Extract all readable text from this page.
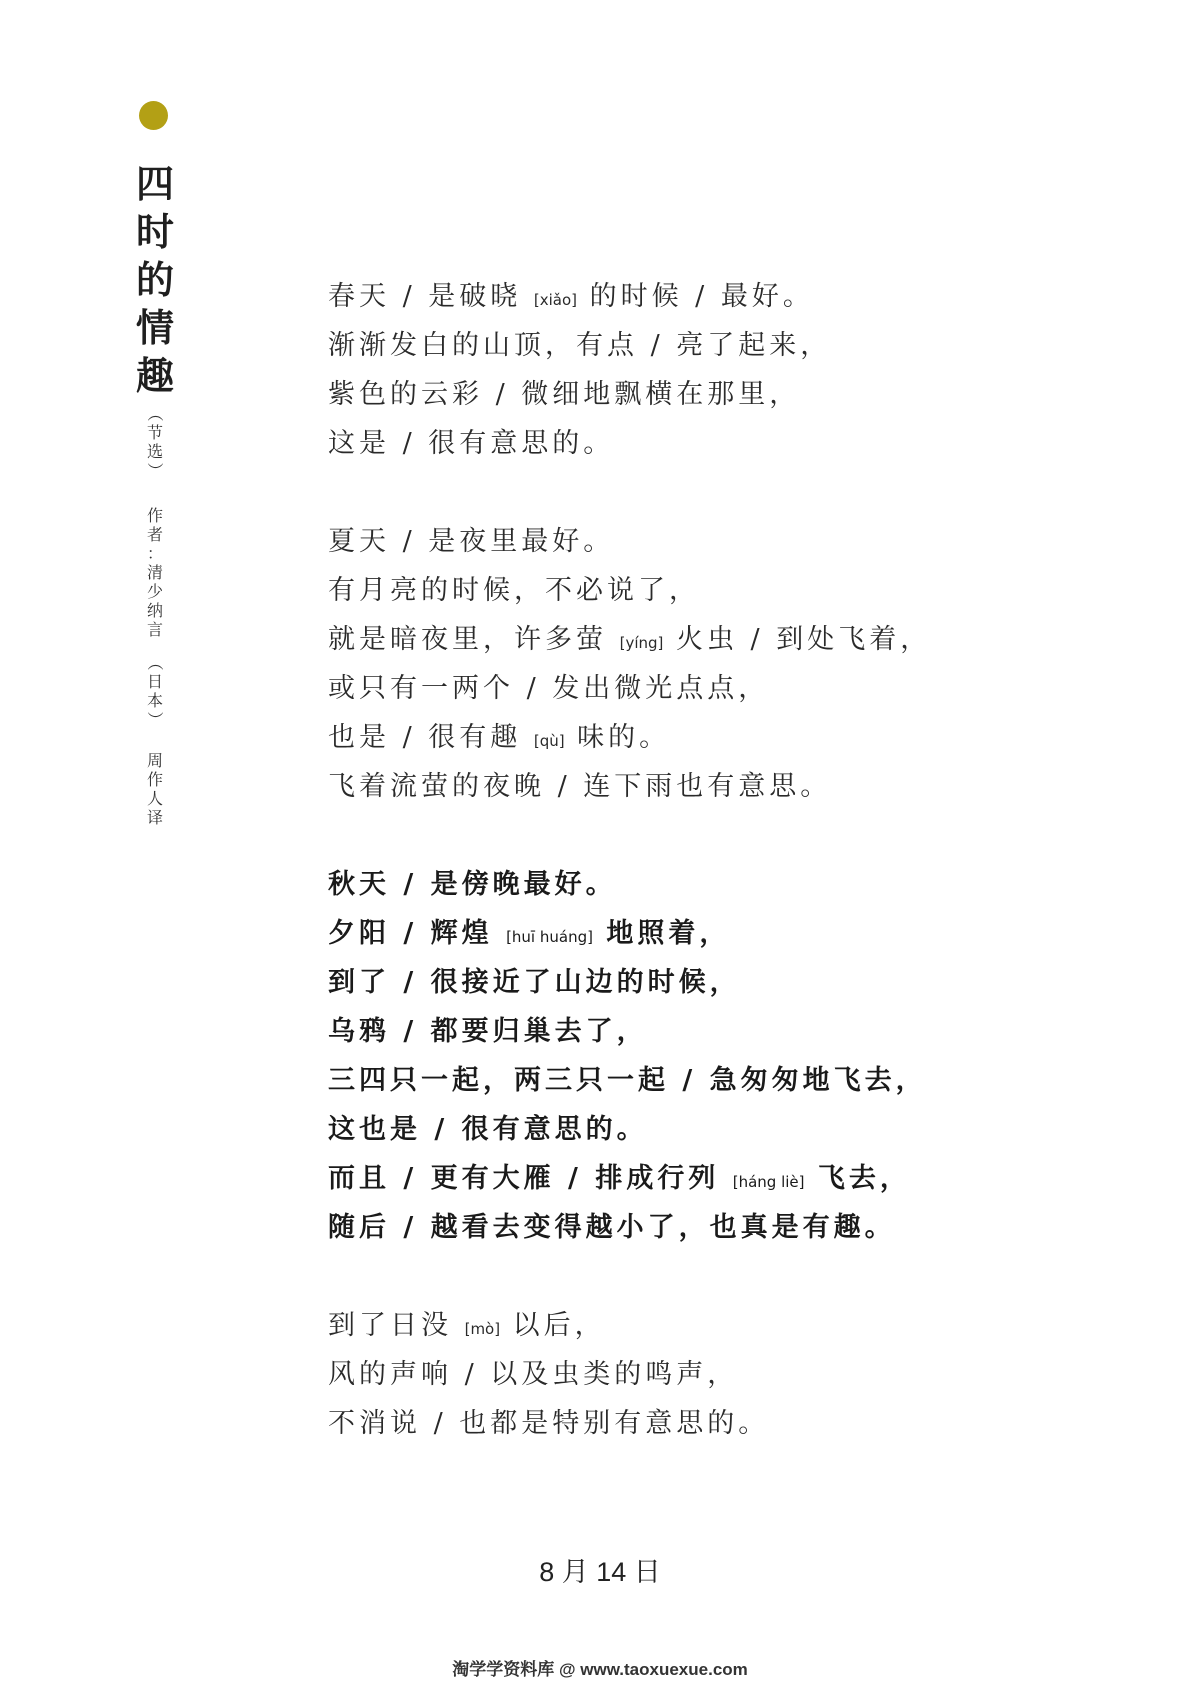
四
时
的
情
趣
（
节
选
）
作
者
：
清
少
纳
言
（
日
本
）
周
作
人
译
春天 / 是破晓 [xiǎo] 的时候 / 最好。
渐渐发白的山顶，有点 / 亮了起来，
紫色的云彩 / 微细地飘横在那里，
这是 / 很有意思的。
夏天 / 是夜里最好。
有月亮的时候，不必说了，
就是暗夜里，许多萤 [yíng] 火虫 / 到处飞着，
或只有一两个 / 发出微光点点，
也是 / 很有趣 [qù] 味的。
飞着流萤的夜晚 / 连下雨也有意思。
秋天 / 是傍晚最好。
夕阳 / 辉煌 [huī huáng] 地照着，
到了 / 很接近了山边的时候，
乌鸦 / 都要归巢去了，
三四只一起，两三只一起 / 急匆匆地飞去，
这也是 / 很有意思的。
而且 / 更有大雁 / 排成行列 [háng liè] 飞去，
随后 / 越看去变得越小了，也真是有趣。
到了日没 [mò] 以后，
风的声响 / 以及虫类的鸣声，
不消说 / 也都是特别有意思的。
8 月 14 日
淘学学资料库 @ www.taoxuexue.com
